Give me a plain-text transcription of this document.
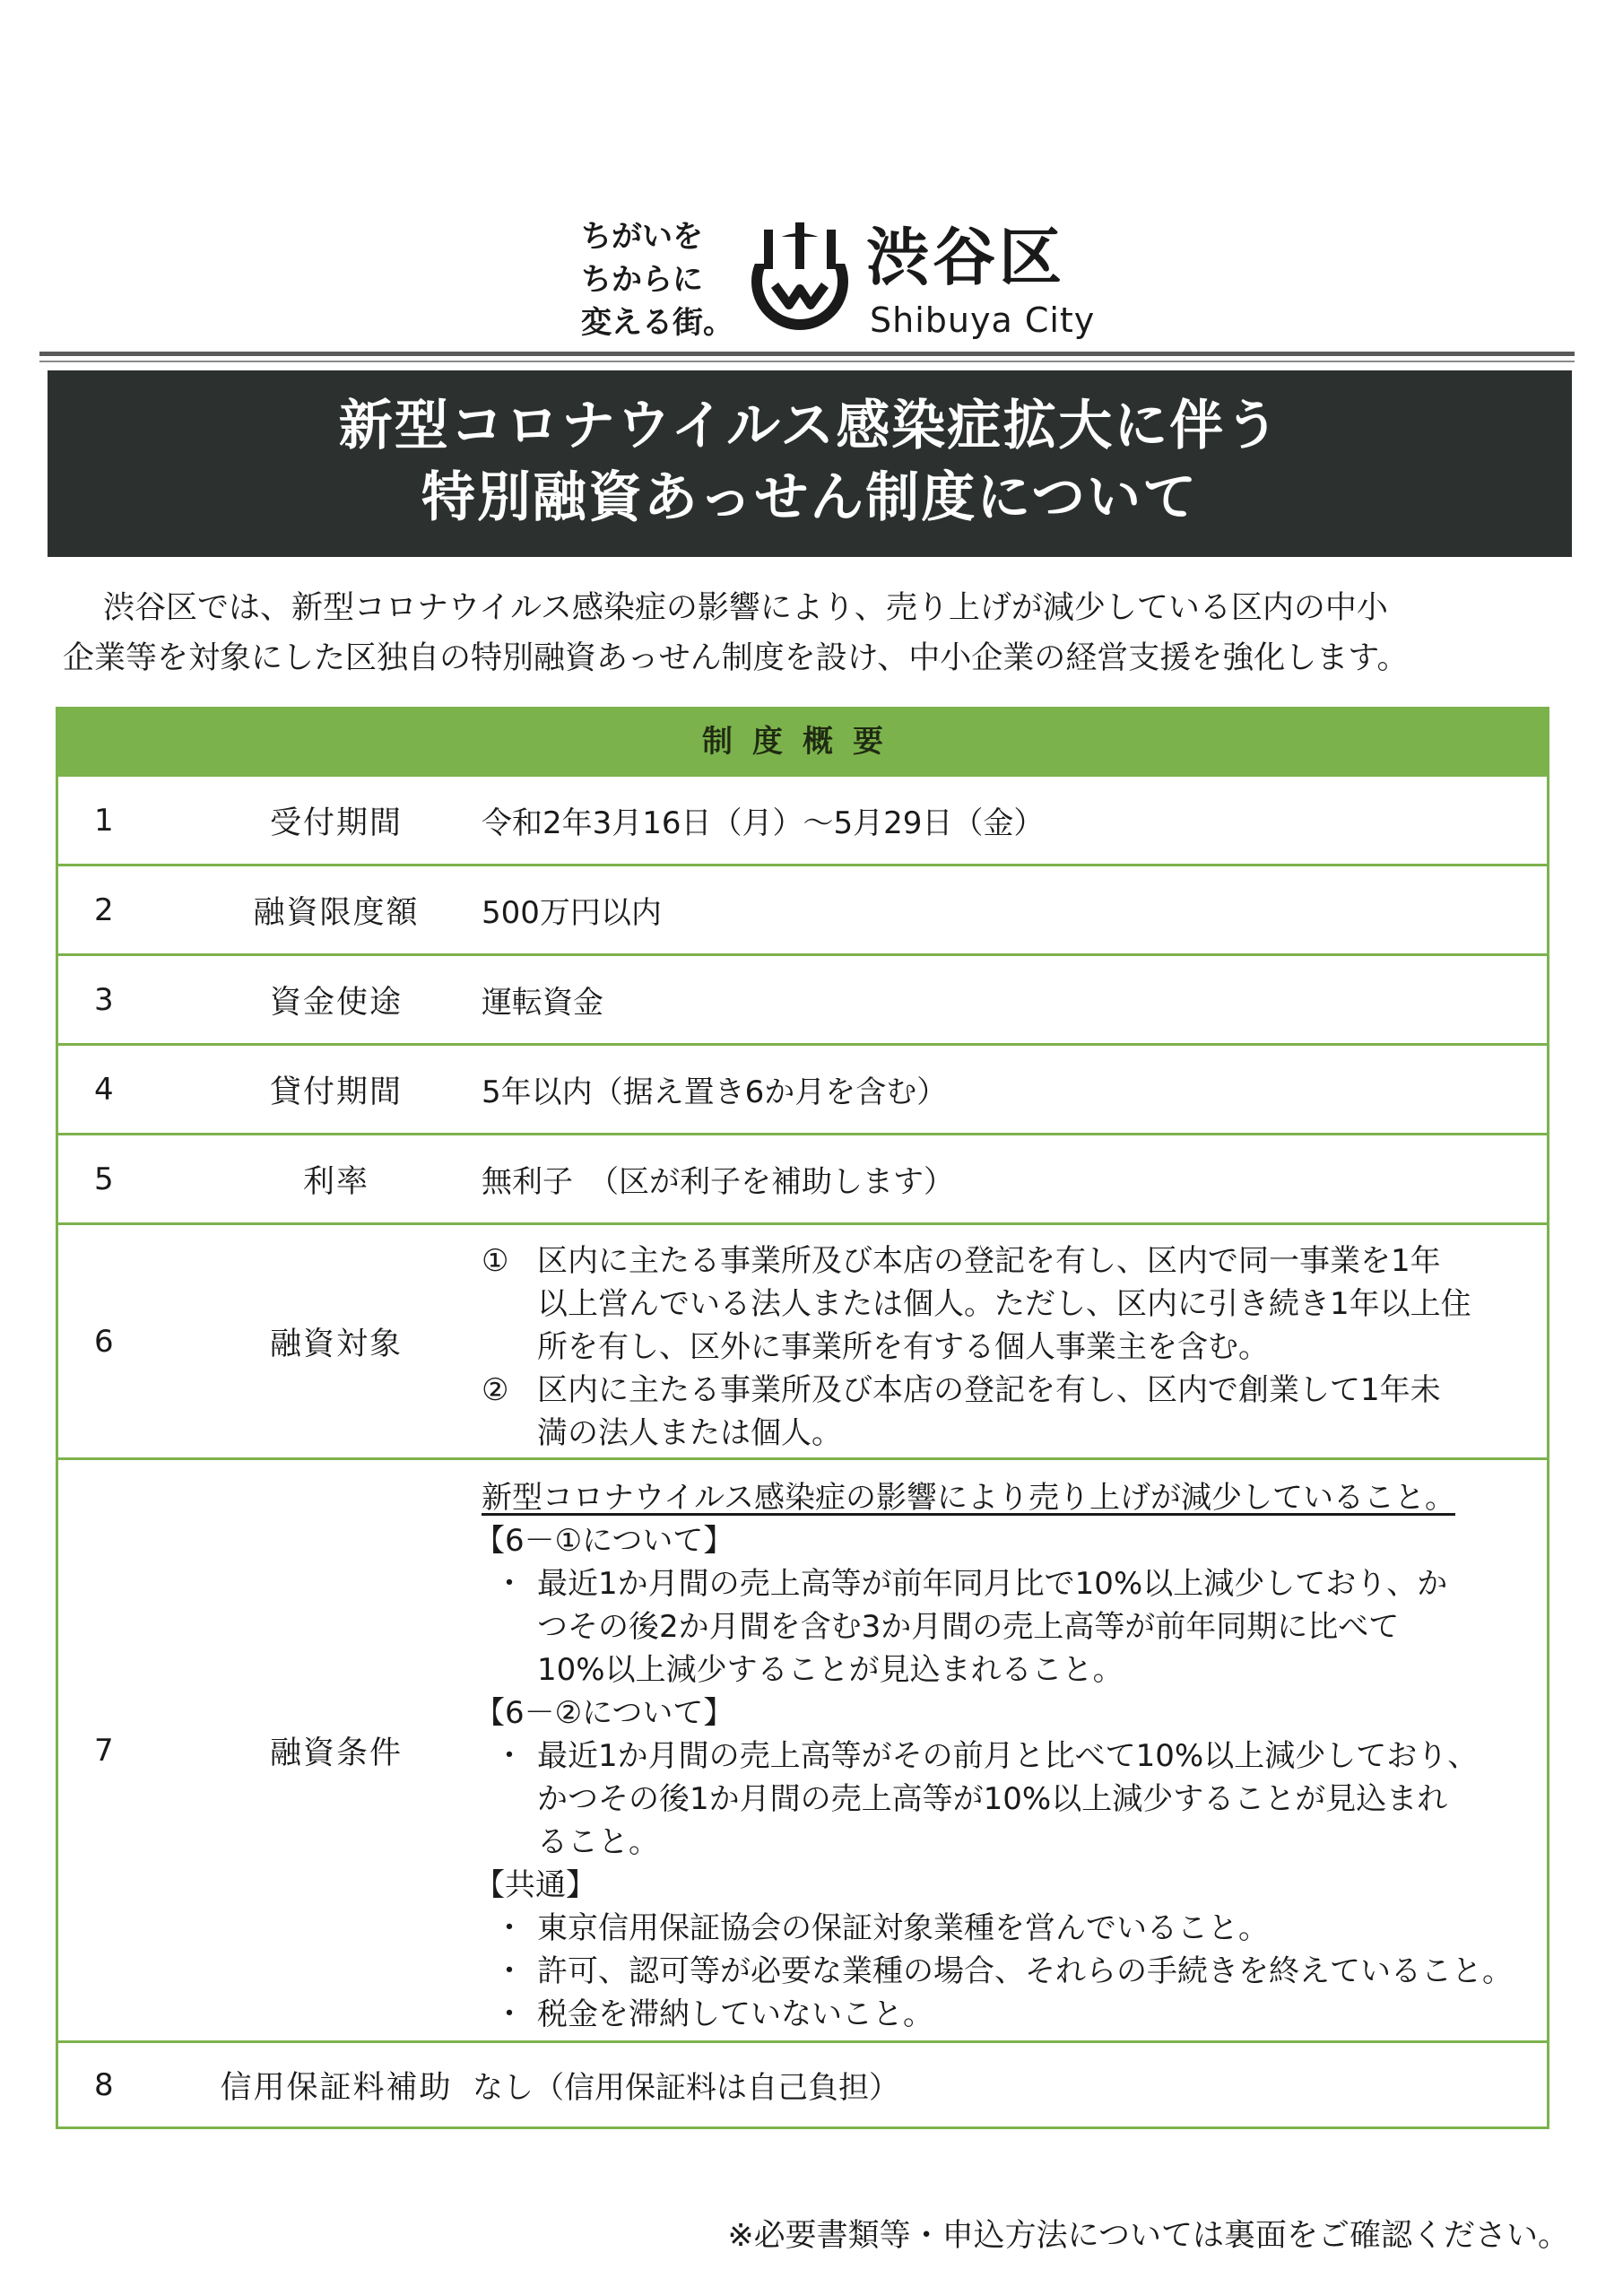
ちがいを
ちからに
変える街。
渋谷区
Shibuya City
新型コロナウイルス感染症拡大に伴う
特別融資あっせん制度について
渋谷区では、新型コロナウイルス感染症の影響により、売り上げが減少している区内の中小
企業等を対象にした区独自の特別融資あっせん制度を設け、中小企業の経営支援を強化します。
制度概要
1	受付期間	令和2年3月16日（月）～5月29日（金）
2	融資限度額	500万円以内
3	資金使途	運転資金
4	貸付期間	5年以内（据え置き6か月を含む）
5	利率	無利子　（区が利子を補助します）
6	融資対象
① 区内に主たる事業所及び本店の登記を有し、区内で同一事業を1年
以上営んでいる法人または個人。ただし、区内に引き続き1年以上住
所を有し、区外に事業所を有する個人事業主を含む。
② 区内に主たる事業所及び本店の登記を有し、区内で創業して1年未
満の法人または個人。
7	融資条件
新型コロナウイルス感染症の影響により売り上げが減少していること。
【6－①について】
・ 最近1か月間の売上高等が前年同月比で10%以上減少しており、か
つその後2か月間を含む3か月間の売上高等が前年同期に比べて
10%以上減少することが見込まれること。
【6－②について】
・ 最近1か月間の売上高等がその前月と比べて10%以上減少しており、
かつその後1か月間の売上高等が10%以上減少することが見込まれ
ること。
【共通】
・ 東京信用保証協会の保証対象業種を営んでいること。
・ 許可、認可等が必要な業種の場合、それらの手続きを終えていること。
・ 税金を滞納していないこと。
8	信用保証料補助 なし（信用保証料は自己負担）
※必要書類等・申込方法については裏面をご確認ください。
